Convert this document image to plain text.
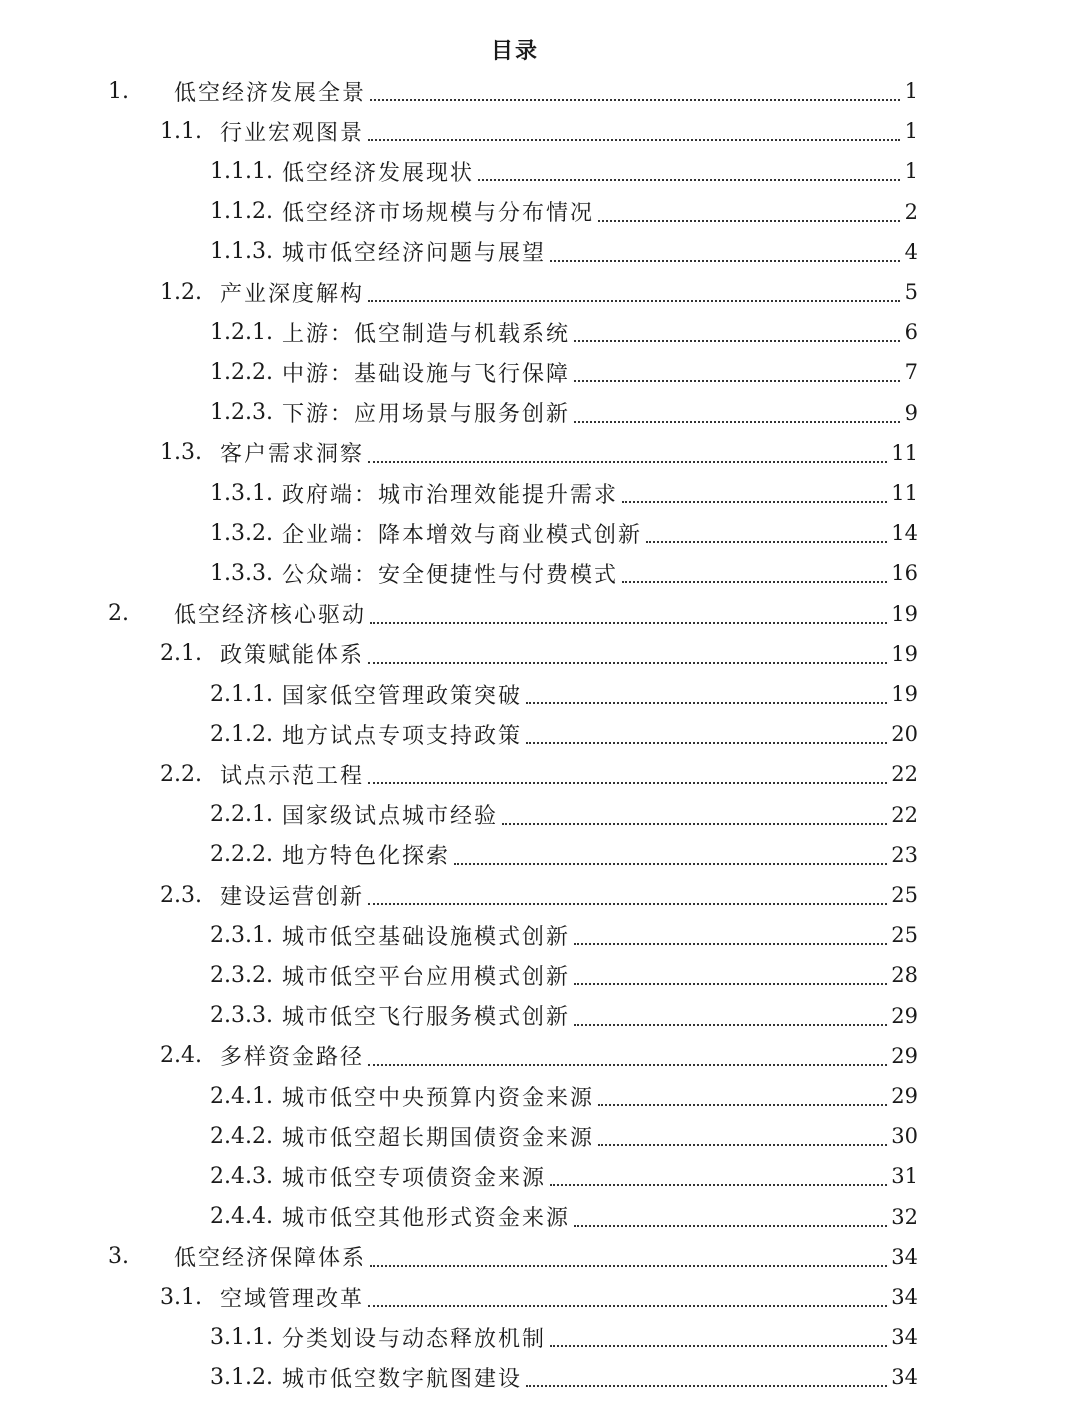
目录
1.	低空经济发展全景	1
1.1. 行业宏观图景	1
1.1.1. 低空经济发展现状	1
1.1.2. 低空经济市场规模与分布情况	2
1.1.3. 城市低空经济问题与展望	4
1.2. 产业深度解构	5
1.2.1. 上游：低空制造与机载系统	6
1.2.2. 中游：基础设施与飞行保障	7
1.2.3. 下游：应用场景与服务创新	9
1.3. 客户需求洞察	11
1.3.1. 政府端：城市治理效能提升需求	11
1.3.2. 企业端：降本增效与商业模式创新	14
1.3.3. 公众端：安全便捷性与付费模式	16
2.	低空经济核心驱动	19
2.1. 政策赋能体系	19
2.1.1. 国家低空管理政策突破	19
2.1.2. 地方试点专项支持政策	20
2.2. 试点示范工程	22
2.2.1. 国家级试点城市经验	22
2.2.2. 地方特色化探索	23
2.3. 建设运营创新	25
2.3.1. 城市低空基础设施模式创新	25
2.3.2. 城市低空平台应用模式创新	28
2.3.3. 城市低空飞行服务模式创新	29
2.4. 多样资金路径	29
2.4.1. 城市低空中央预算内资金来源	29
2.4.2. 城市低空超长期国债资金来源	30
2.4.3. 城市低空专项债资金来源	31
2.4.4. 城市低空其他形式资金来源	32
3.	低空经济保障体系	34
3.1. 空域管理改革	34
3.1.1. 分类划设与动态释放机制	34
3.1.2. 城市低空数字航图建设	34
